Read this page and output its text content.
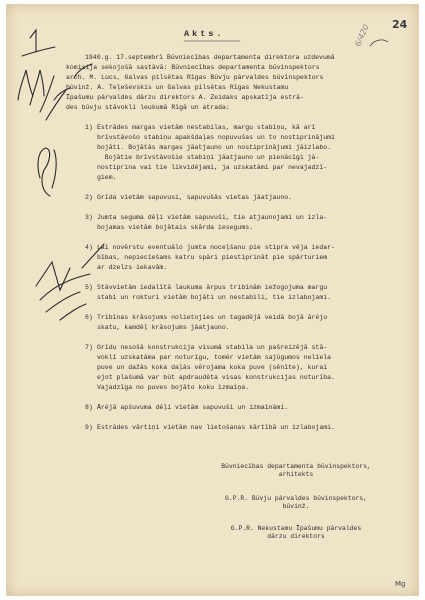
24
6/420
Akts.
1940.g. 17.septembrī Būvniecības departamenta direktora uzdevumā
komisija sekojošā sastāvā: Būvniecības departamenta būvinspektors
arch. M. Lucs, Galvas pilsētas Rīgas Būvju pārvaldes būvinspektors
būvinž. A. Teļeševskis un Galvas pilsētas Rīgas Nekustamu
Īpašumu pārvaldes dārzu direktors A. Zeidaks apskatīja estrā-
des būvju stāvokli leukumā Rīgā un atrada:
1) Estrādes margas vietām nestabilas, margu stabiņu, kā arī
brīvstāvošo stabiņu apakšdaļas nopuvušas un to nostiprinājumi
bojāti. Bojātās margas jāatjauno un nostiprinājumi jāizlabo.
Bojātie brīvstāvošie stabiņi jāatjauno un pienācīgi jā-
nostiprina vai tie likvidējami, ja uzskatāmi par nevajadzī-
giem.
2) Grīda vietām sapuvusi, sapuvušās vietas jāatjauno.
3) Jumta seguma dēļi vietām sapuvuši, tie atjaunojami un izla-
bojamas vietām bojātais skārda iesegums.
4) Lai novērstu eventuālo jumta noceļšanu pie stipra vēja iedar-
bības, nepieciešams katru spāri piestiprināt pie spārturiem
ar dzelzs iekavām.
5) Stāvvietām iedalītā laukuma ārpus tribīnām iežogojuma margu
stabi un rokturi vietām bojāti un nestabili, tie izlabojami.
6) Tribīnas krāsojums nolietojies un tagadējā veidā bojā ārējo
skatu, kamdēļ krāsojums jāatjauno.
7) Grīdu nesošā konstrukcija visumā stabila un pašreizējā stā-
voklī uzskatāma par noturīgu, tomēr vietām sajūgumos neliela
puve un dažās koka daļās vērojama koka puve (sēnīte), kurai
ejot plašumā var būt apdraudēta visas konstrukcijas noturība.
Vajadzīga no puves bojāto koku izmaiņa.
8) Ārējā apšuvuma dēļi vietām sapuvuši un izmaināmi.
9) Estrādes vārtiņi vietām nav lietošanas kārtībā un izlabojami.
Būvniecības departamenta būvinspektors,
arhitekts
G.P.R. Būvju pārvaldes būvinspektors,
būvinž.
G.P.R. Nekustamu Īpašumu pārvaldes
dārzu direktors
Mg
